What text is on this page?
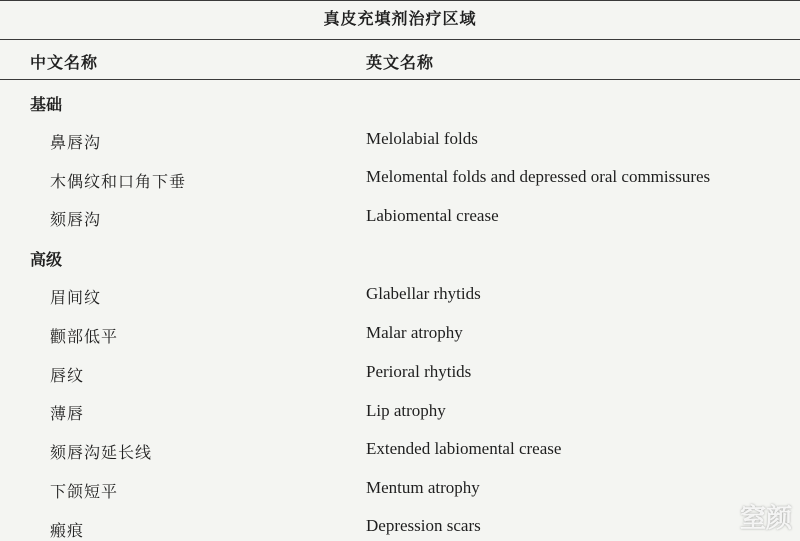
真皮充填剂治疗区域
中文名称	英文名称
基础
鼻唇沟	Melolabial folds
木偶纹和口角下垂	Melomental folds and depressed oral commissures
颏唇沟	Labiomental crease
高级
眉间纹	Glabellar rhytids
颧部低平	Malar atrophy
唇纹	Perioral rhytids
薄唇	Lip atrophy
颏唇沟延长线	Extended labiomental crease
下颌短平	Mentum atrophy
瘢痕	Depression scars	窒颜
